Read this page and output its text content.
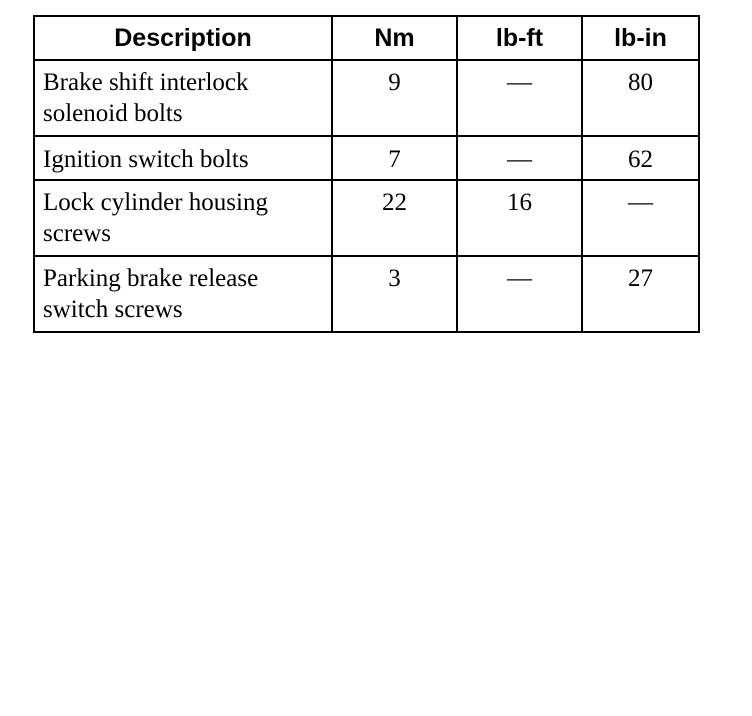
Description	Nm	lb-ft	lb-in
Brake shift interlock solenoid bolts	9	—	80
Ignition switch bolts	7	—	62
Lock cylinder housing screws	22	16	—
Parking brake release switch screws	3	—	27
